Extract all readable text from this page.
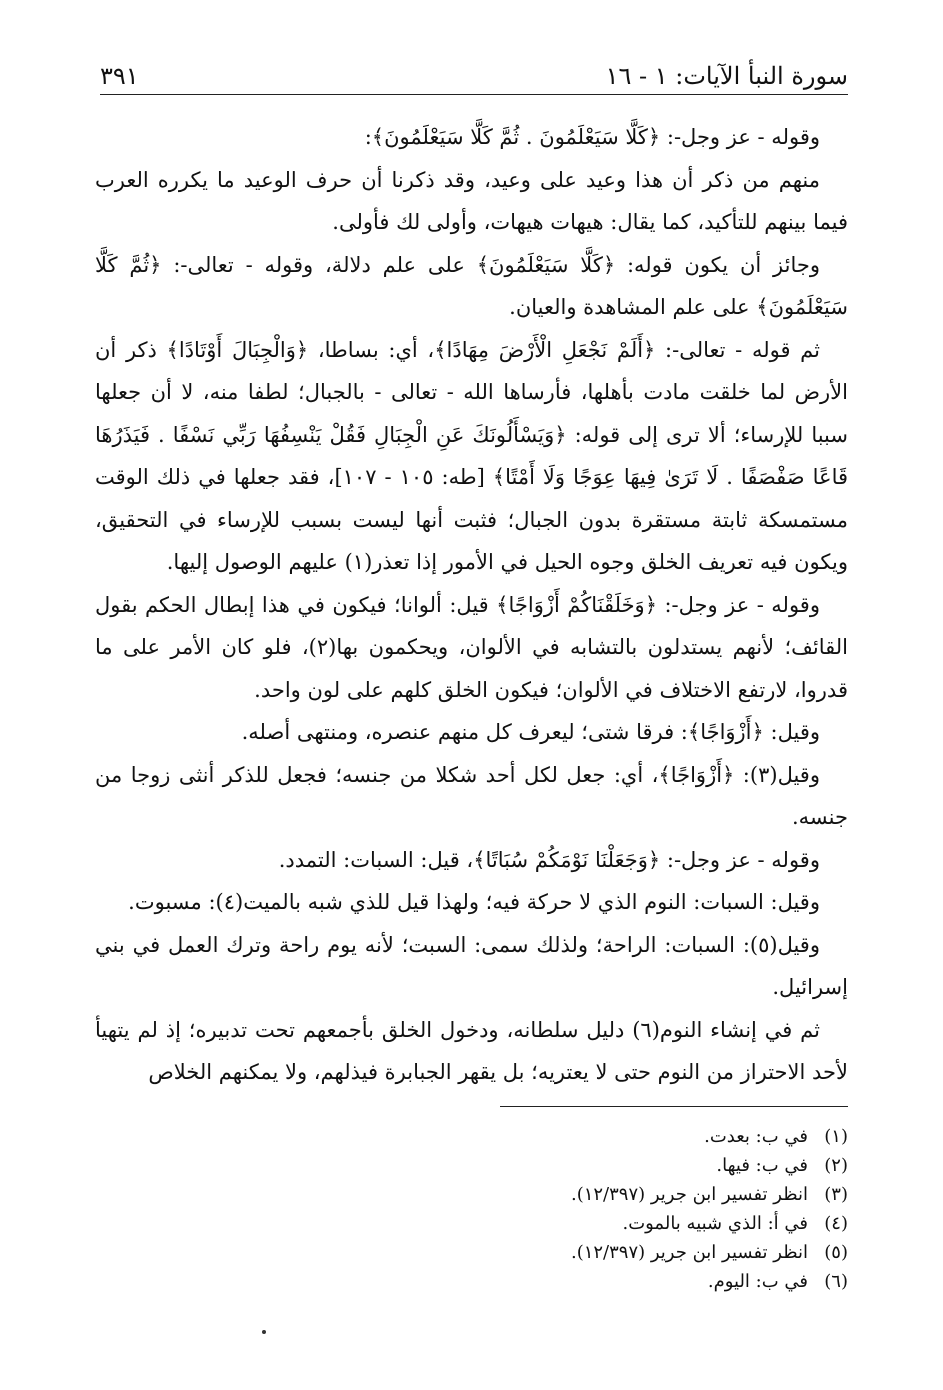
سورة النبأ الآيات: ١ - ١٦
٣٩١

وقوله - عز وجل-: ﴿كَلَّا سَيَعْلَمُونَ . ثُمَّ كَلَّا سَيَعْلَمُونَ﴾:

منهم من ذكر أن هذا وعيد على وعيد، وقد ذكرنا أن حرف الوعيد ما يكرره العرب فيما بينهم للتأكيد، كما يقال: هيهات هيهات، وأولى لك فأولى.

وجائز أن يكون قوله: ﴿كَلَّا سَيَعْلَمُونَ﴾ على علم دلالة، وقوله - تعالى-: ﴿ثُمَّ كَلَّا سَيَعْلَمُونَ﴾ على علم المشاهدة والعيان.

ثم قوله - تعالى-: ﴿أَلَمْ نَجْعَلِ الْأَرْضَ مِهَادًا﴾، أي: بساطا، ﴿وَالْجِبَالَ أَوْتَادًا﴾ ذكر أن الأرض لما خلقت مادت بأهلها، فأرساها الله - تعالى - بالجبال؛ لطفا منه، لا أن جعلها سببا للإرساء؛ ألا ترى إلى قوله: ﴿وَيَسْأَلُونَكَ عَنِ الْجِبَالِ فَقُلْ يَنْسِفُهَا رَبِّي نَسْفًا . فَيَذَرُهَا قَاعًا صَفْصَفًا . لَا تَرَىٰ فِيهَا عِوَجًا وَلَا أَمْتًا﴾ [طه: ١٠٥ - ١٠٧]، فقد جعلها في ذلك الوقت مستمسكة ثابتة مستقرة بدون الجبال؛ فثبت أنها ليست بسبب للإرساء في التحقيق، ويكون فيه تعريف الخلق وجوه الحيل في الأمور إذا تعذر(١) عليهم الوصول إليها.

وقوله - عز وجل-: ﴿وَخَلَقْنَاكُمْ أَزْوَاجًا﴾ قيل: ألوانا؛ فيكون في هذا إبطال الحكم بقول القائف؛ لأنهم يستدلون بالتشابه في الألوان، ويحكمون بها(٢)، فلو كان الأمر على ما قدروا، لارتفع الاختلاف في الألوان؛ فيكون الخلق كلهم على لون واحد.

وقيل: ﴿أَزْوَاجًا﴾: فرقا شتى؛ ليعرف كل منهم عنصره، ومنتهى أصله.

وقيل(٣): ﴿أَزْوَاجًا﴾، أي: جعل لكل أحد شكلا من جنسه؛ فجعل للذكر أنثى زوجا من جنسه.

وقوله - عز وجل-: ﴿وَجَعَلْنَا نَوْمَكُمْ سُبَاتًا﴾، قيل: السبات: التمدد.

وقيل: السبات: النوم الذي لا حركة فيه؛ ولهذا قيل للذي شبه بالميت(٤): مسبوت.

وقيل(٥): السبات: الراحة؛ ولذلك سمى: السبت؛ لأنه يوم راحة وترك العمل في بني إسرائيل.

ثم في إنشاء النوم(٦) دليل سلطانه، ودخول الخلق بأجمعهم تحت تدبيره؛ إذ لم يتهيأ لأحد الاحتراز من النوم حتى لا يعتريه؛ بل يقهر الجبابرة فيذلهم، ولا يمكنهم الخلاص

(١)في ب: بعدت.

(٢)في ب: فيها.

(٣)انظر تفسير ابن جرير (١٢/٣٩٧).

(٤)في أ: الذي شبيه بالموت.

(٥)انظر تفسير ابن جرير (١٢/٣٩٧).

(٦)في ب: اليوم.
